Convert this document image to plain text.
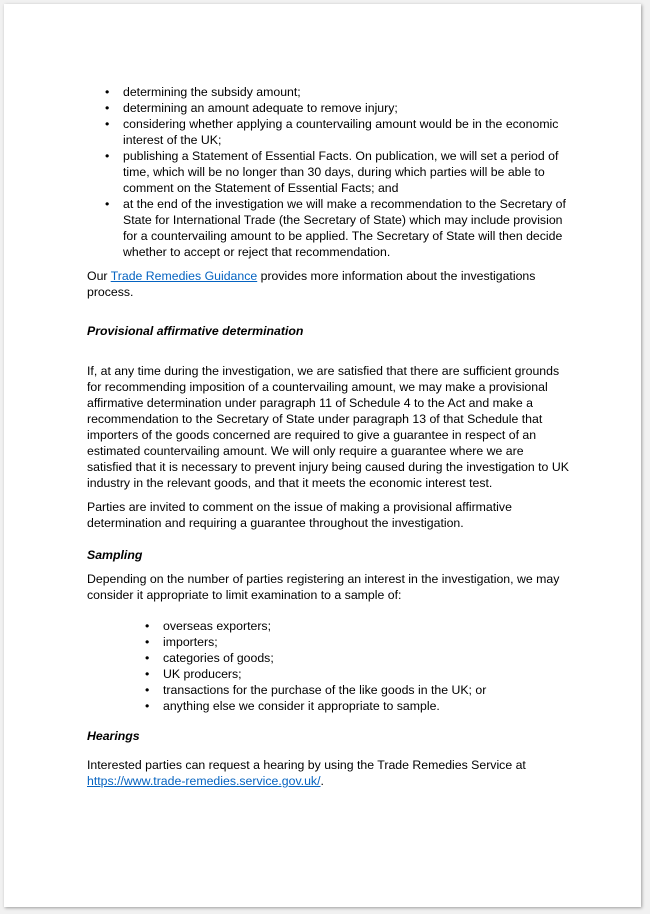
• determining the subsidy amount;
• determining an amount adequate to remove injury;
• considering whether applying a countervailing amount would be in the economic interest of the UK;
• publishing a Statement of Essential Facts. On publication, we will set a period of time, which will be no longer than 30 days, during which parties will be able to comment on the Statement of Essential Facts; and
• at the end of the investigation we will make a recommendation to the Secretary of State for International Trade (the Secretary of State) which may include provision for a countervailing amount to be applied. The Secretary of State will then decide whether to accept or reject that recommendation.

Our Trade Remedies Guidance provides more information about the investigations process.

Provisional affirmative determination

If, at any time during the investigation, we are satisfied that there are sufficient grounds for recommending imposition of a countervailing amount, we may make a provisional affirmative determination under paragraph 11 of Schedule 4 to the Act and make a recommendation to the Secretary of State under paragraph 13 of that Schedule that importers of the goods concerned are required to give a guarantee in respect of an estimated countervailing amount. We will only require a guarantee where we are satisfied that it is necessary to prevent injury being caused during the investigation to UK industry in the relevant goods, and that it meets the economic interest test.

Parties are invited to comment on the issue of making a provisional affirmative determination and requiring a guarantee throughout the investigation.

Sampling

Depending on the number of parties registering an interest in the investigation, we may consider it appropriate to limit examination to a sample of:

• overseas exporters;
• importers;
• categories of goods;
• UK producers;
• transactions for the purchase of the like goods in the UK; or
• anything else we consider it appropriate to sample.
Hearings

Interested parties can request a hearing by using the Trade Remedies Service at
https://www.trade-remedies.service.gov.uk/.
